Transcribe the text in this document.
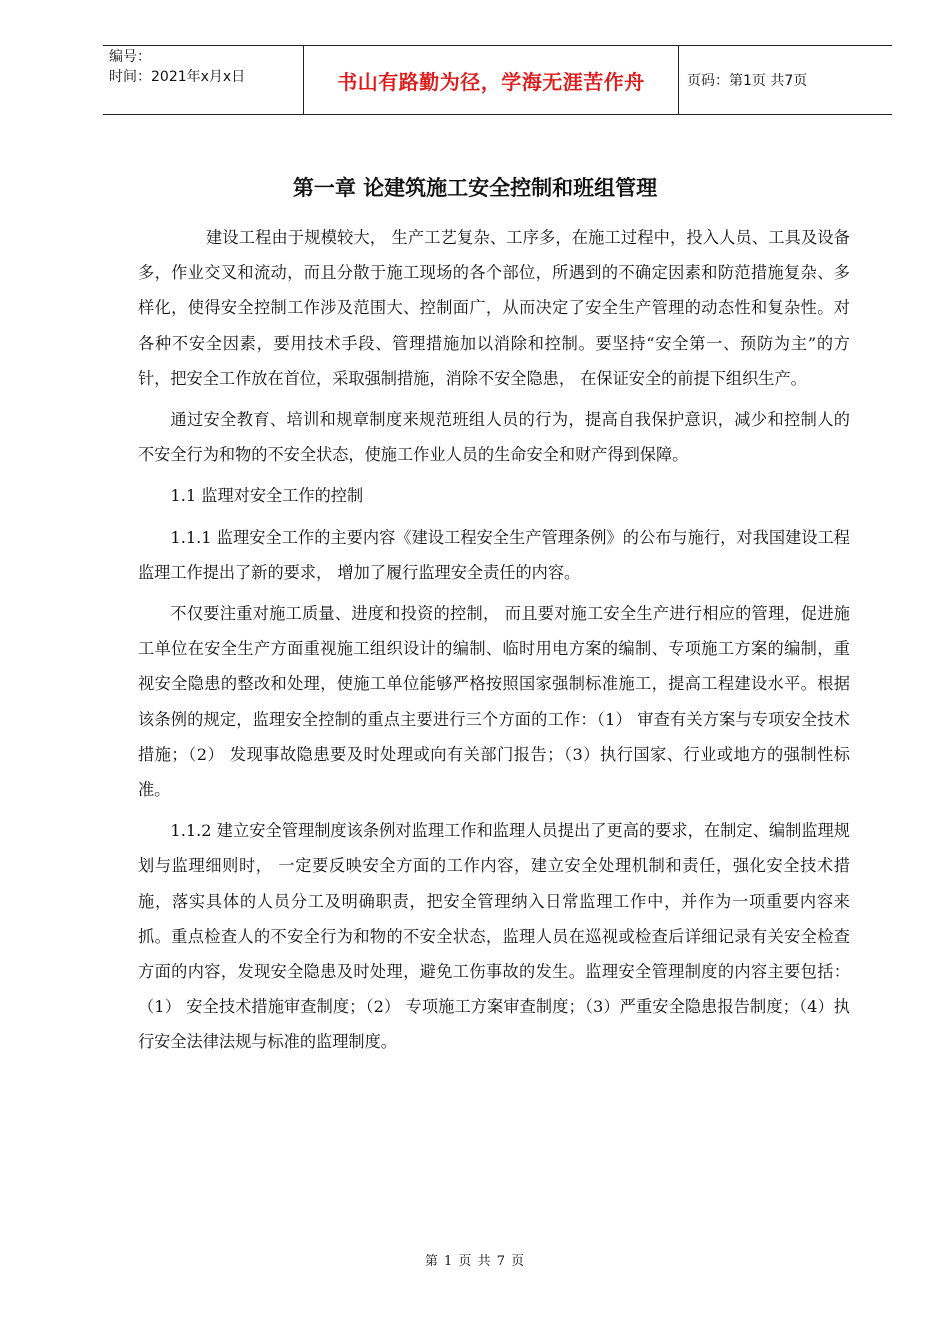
编号：
时间：2021年x月x日	书山有路勤为径，学海无涯苦作舟	页码：第1页 共7页
第一章 论建筑施工安全控制和班组管理

建设工程由于规模较大， 生产工艺复杂、工序多，在施工过程中，投入人员、工具及设备多，作业交叉和流动，而且分散于施工现场的各个部位，所遇到的不确定因素和防范措施复杂、多样化，使得安全控制工作涉及范围大、控制面广，从而决定了安全生产管理的动态性和复杂性。对各种不安全因素，要用技术手段、管理措施加以消除和控制。要坚持“安全第一、预防为主”的方针，把安全工作放在首位，采取强制措施，消除不安全隐患， 在保证安全的前提下组织生产。

通过安全教育、培训和规章制度来规范班组人员的行为，提高自我保护意识，减少和控制人的不安全行为和物的不安全状态，使施工作业人员的生命安全和财产得到保障。

1.1 监理对安全工作的控制

1.1.1 监理安全工作的主要内容《建设工程安全生产管理条例》的公布与施行，对我国建设工程监理工作提出了新的要求， 增加了履行监理安全责任的内容。

不仅要注重对施工质量、进度和投资的控制， 而且要对施工安全生产进行相应的管理，促进施工单位在安全生产方面重视施工组织设计的编制、临时用电方案的编制、专项施工方案的编制，重视安全隐患的整改和处理，使施工单位能够严格按照国家强制标准施工，提高工程建设水平。根据该条例的规定，监理安全控制的重点主要进行三个方面的工作：（1） 审查有关方案与专项安全技术措施；（2） 发现事故隐患要及时处理或向有关部门报告；（3）执行国家、行业或地方的强制性标准。

1.1.2 建立安全管理制度该条例对监理工作和监理人员提出了更高的要求，在制定、编制监理规划与监理细则时， 一定要反映安全方面的工作内容，建立安全处理机制和责任，强化安全技术措施，落实具体的人员分工及明确职责，把安全管理纳入日常监理工作中，并作为一项重要内容来抓。重点检查人的不安全行为和物的不安全状态，监理人员在巡视或检查后详细记录有关安全检查方面的内容，发现安全隐患及时处理，避免工伤事故的发生。监理安全管理制度的内容主要包括：（1） 安全技术措施审查制度；（2） 专项施工方案审查制度；（3）严重安全隐患报告制度；（4）执行安全法律法规与标准的监理制度。

第 1 页 共 7 页
